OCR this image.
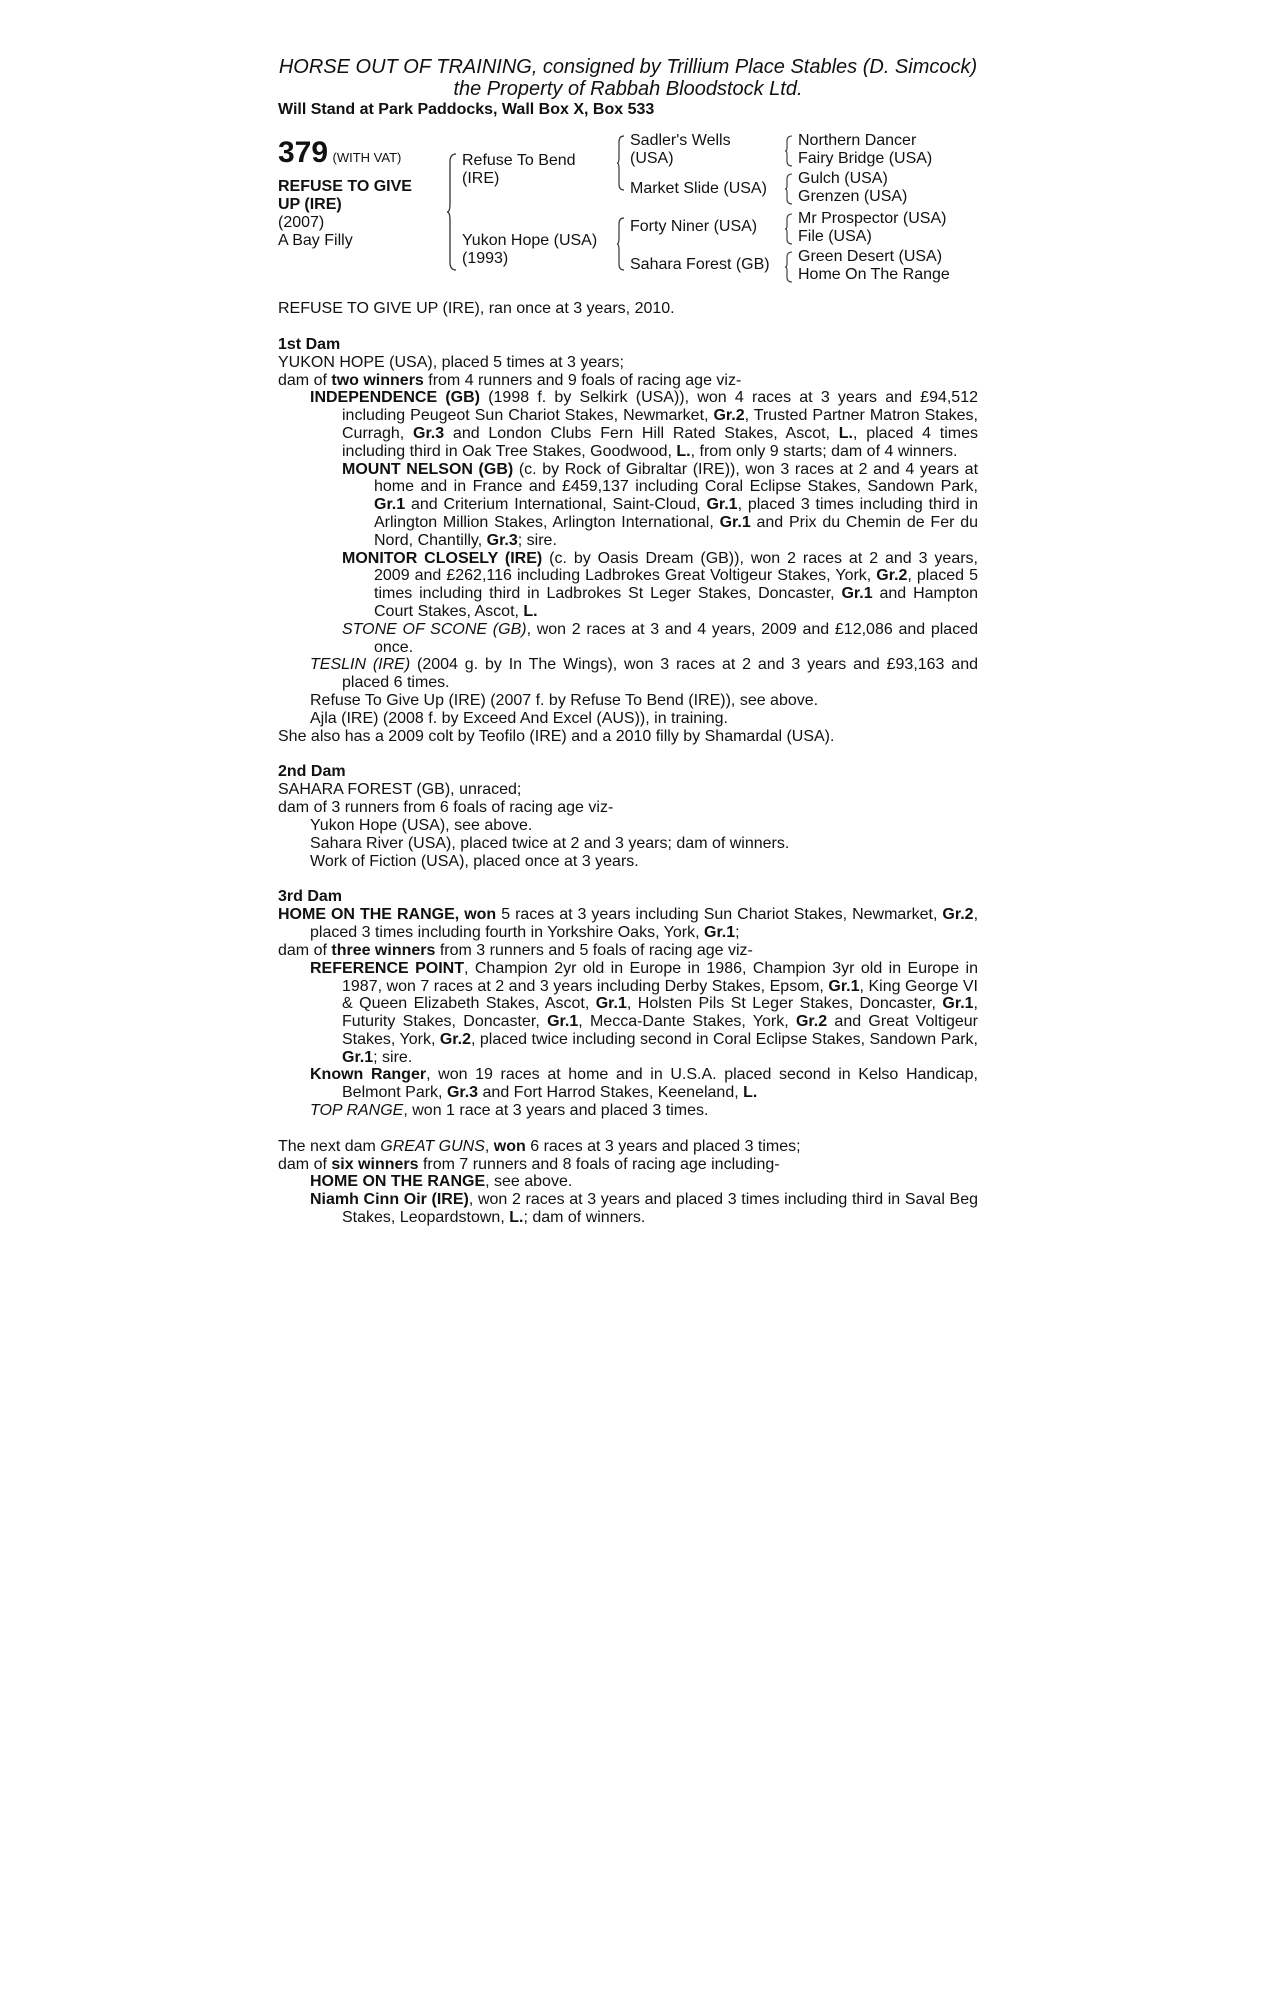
HORSE OUT OF TRAINING, consigned by Trillium Place Stables (D. Simcock)
the Property of Rabbah Bloodstock Ltd.
Will Stand at Park Paddocks, Wall Box X, Box 533
379 (WITH VAT)
REFUSE TO GIVE
UP (IRE)
(2007)
A Bay Filly
Refuse To Bend
(IRE)
Yukon Hope (USA)
(1993)
Sadler's Wells
(USA)
Market Slide (USA)
Forty Niner (USA)
Sahara Forest (GB)
Northern Dancer
Fairy Bridge (USA)
Gulch (USA)
Grenzen (USA)
Mr Prospector (USA)
File (USA)
Green Desert (USA)
Home On The Range
REFUSE TO GIVE UP (IRE), ran once at 3 years, 2010.
1st Dam
YUKON HOPE (USA), placed 5 times at 3 years;
dam of two winners from 4 runners and 9 foals of racing age viz-
INDEPENDENCE (GB) (1998 f. by Selkirk (USA)), won 4 races at 3 years and £94,512 including Peugeot Sun Chariot Stakes, Newmarket, Gr.2, Trusted Partner Matron Stakes, Curragh, Gr.3 and London Clubs Fern Hill Rated Stakes, Ascot, L., placed 4 times including third in Oak Tree Stakes, Goodwood, L., from only 9 starts; dam of 4 winners.
MOUNT NELSON (GB) (c. by Rock of Gibraltar (IRE)), won 3 races at 2 and 4 years at home and in France and £459,137 including Coral Eclipse Stakes, Sandown Park, Gr.1 and Criterium International, Saint-Cloud, Gr.1, placed 3 times including third in Arlington Million Stakes, Arlington International, Gr.1 and Prix du Chemin de Fer du Nord, Chantilly, Gr.3; sire.
MONITOR CLOSELY (IRE) (c. by Oasis Dream (GB)), won 2 races at 2 and 3 years, 2009 and £262,116 including Ladbrokes Great Voltigeur Stakes, York, Gr.2, placed 5 times including third in Ladbrokes St Leger Stakes, Doncaster, Gr.1 and Hampton Court Stakes, Ascot, L.
STONE OF SCONE (GB), won 2 races at 3 and 4 years, 2009 and £12,086 and placed once.
TESLIN (IRE) (2004 g. by In The Wings), won 3 races at 2 and 3 years and £93,163 and placed 6 times.
Refuse To Give Up (IRE) (2007 f. by Refuse To Bend (IRE)), see above.
Ajla (IRE) (2008 f. by Exceed And Excel (AUS)), in training.
She also has a 2009 colt by Teofilo (IRE) and a 2010 filly by Shamardal (USA).
2nd Dam
SAHARA FOREST (GB), unraced;
dam of 3 runners from 6 foals of racing age viz-
Yukon Hope (USA), see above.
Sahara River (USA), placed twice at 2 and 3 years; dam of winners.
Work of Fiction (USA), placed once at 3 years.
3rd Dam
HOME ON THE RANGE, won 5 races at 3 years including Sun Chariot Stakes, Newmarket, Gr.2, placed 3 times including fourth in Yorkshire Oaks, York, Gr.1;
dam of three winners from 3 runners and 5 foals of racing age viz-
REFERENCE POINT, Champion 2yr old in Europe in 1986, Champion 3yr old in Europe in 1987, won 7 races at 2 and 3 years including Derby Stakes, Epsom, Gr.1, King George VI & Queen Elizabeth Stakes, Ascot, Gr.1, Holsten Pils St Leger Stakes, Doncaster, Gr.1, Futurity Stakes, Doncaster, Gr.1, Mecca-Dante Stakes, York, Gr.2 and Great Voltigeur Stakes, York, Gr.2, placed twice including second in Coral Eclipse Stakes, Sandown Park, Gr.1; sire.
Known Ranger, won 19 races at home and in U.S.A. placed second in Kelso Handicap, Belmont Park, Gr.3 and Fort Harrod Stakes, Keeneland, L.
TOP RANGE, won 1 race at 3 years and placed 3 times.
The next dam GREAT GUNS, won 6 races at 3 years and placed 3 times;
dam of six winners from 7 runners and 8 foals of racing age including-
HOME ON THE RANGE, see above.
Niamh Cinn Oir (IRE), won 2 races at 3 years and placed 3 times including third in Saval Beg Stakes, Leopardstown, L.; dam of winners.
